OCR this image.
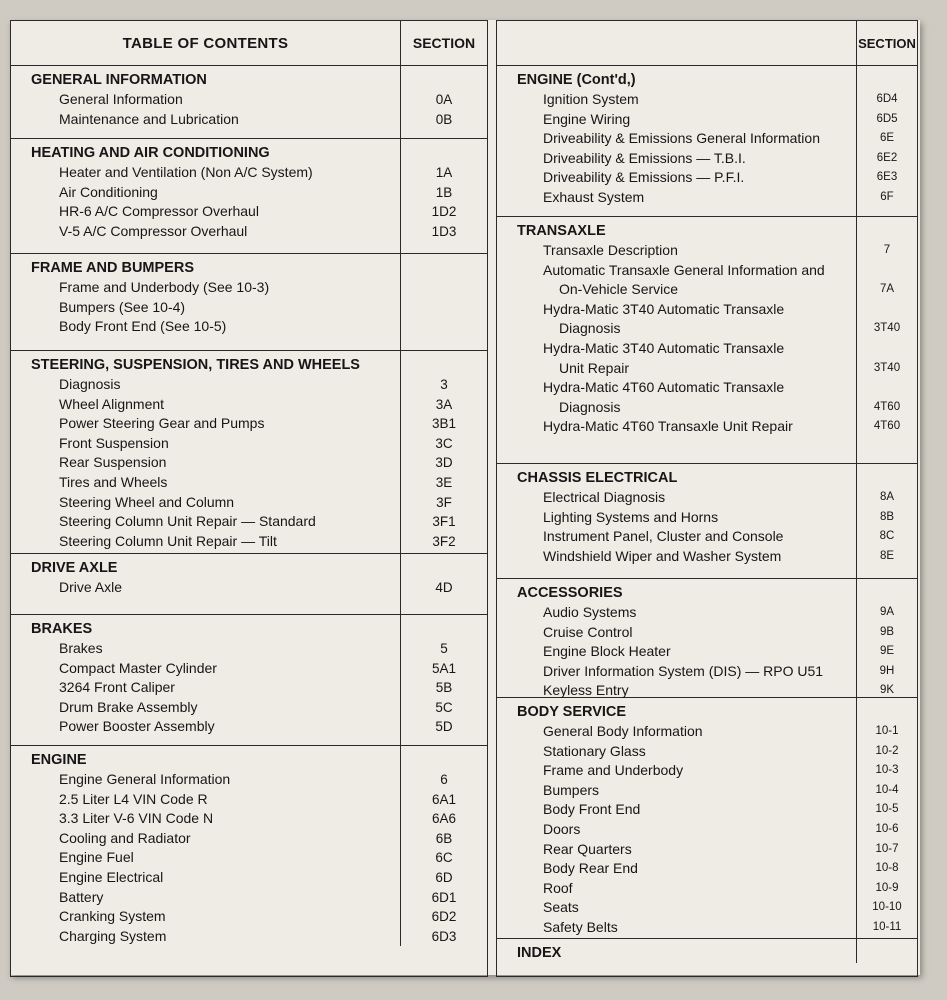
TABLE OF CONTENTS	SECTION
GENERAL INFORMATION
General Information	0A
Maintenance and Lubrication	0B
HEATING AND AIR CONDITIONING
Heater and Ventilation (Non A/C System)	1A
Air Conditioning	1B
HR-6 A/C Compressor Overhaul	1D2
V-5 A/C Compressor Overhaul	1D3
FRAME AND BUMPERS
Frame and Underbody (See 10-3)
Bumpers (See 10-4)
Body Front End (See 10-5)
STEERING, SUSPENSION, TIRES AND WHEELS
Diagnosis	3
Wheel Alignment	3A
Power Steering Gear and Pumps	3B1
Front Suspension	3C
Rear Suspension	3D
Tires and Wheels	3E
Steering Wheel and Column	3F
Steering Column Unit Repair — Standard	3F1
Steering Column Unit Repair — Tilt	3F2
DRIVE AXLE
Drive Axle	4D
BRAKES
Brakes	5
Compact Master Cylinder	5A1
3264 Front Caliper	5B
Drum Brake Assembly	5C
Power Booster Assembly	5D
ENGINE
Engine General Information	6
2.5 Liter L4 VIN Code R	6A1
3.3 Liter V-6 VIN Code N	6A6
Cooling and Radiator	6B
Engine Fuel	6C
Engine Electrical	6D
Battery	6D1
Cranking System	6D2
Charging System	6D3
SECTION
ENGINE (Cont'd,)
Ignition System	6D4
Engine Wiring	6D5
Driveability & Emissions General Information	6E
Driveability & Emissions — T.B.I.	6E2
Driveability & Emissions — P.F.I.	6E3
Exhaust System	6F
TRANSAXLE
Transaxle Description	7
Automatic Transaxle General Information and
On-Vehicle Service	7A
Hydra-Matic 3T40 Automatic Transaxle
Diagnosis	3T40
Hydra-Matic 3T40 Automatic Transaxle
Unit Repair	3T40
Hydra-Matic 4T60 Automatic Transaxle
Diagnosis	4T60
Hydra-Matic 4T60 Transaxle Unit Repair	4T60
CHASSIS ELECTRICAL
Electrical Diagnosis	8A
Lighting Systems and Horns	8B
Instrument Panel, Cluster and Console	8C
Windshield Wiper and Washer System	8E
ACCESSORIES
Audio Systems	9A
Cruise Control	9B
Engine Block Heater	9E
Driver Information System (DIS) — RPO U51	9H
Keyless Entry	9K
BODY SERVICE
General Body Information	10-1
Stationary Glass	10-2
Frame and Underbody	10-3
Bumpers	10-4
Body Front End	10-5
Doors	10-6
Rear Quarters	10-7
Body Rear End	10-8
Roof	10-9
Seats	10-10
Safety Belts	10-11
INDEX
